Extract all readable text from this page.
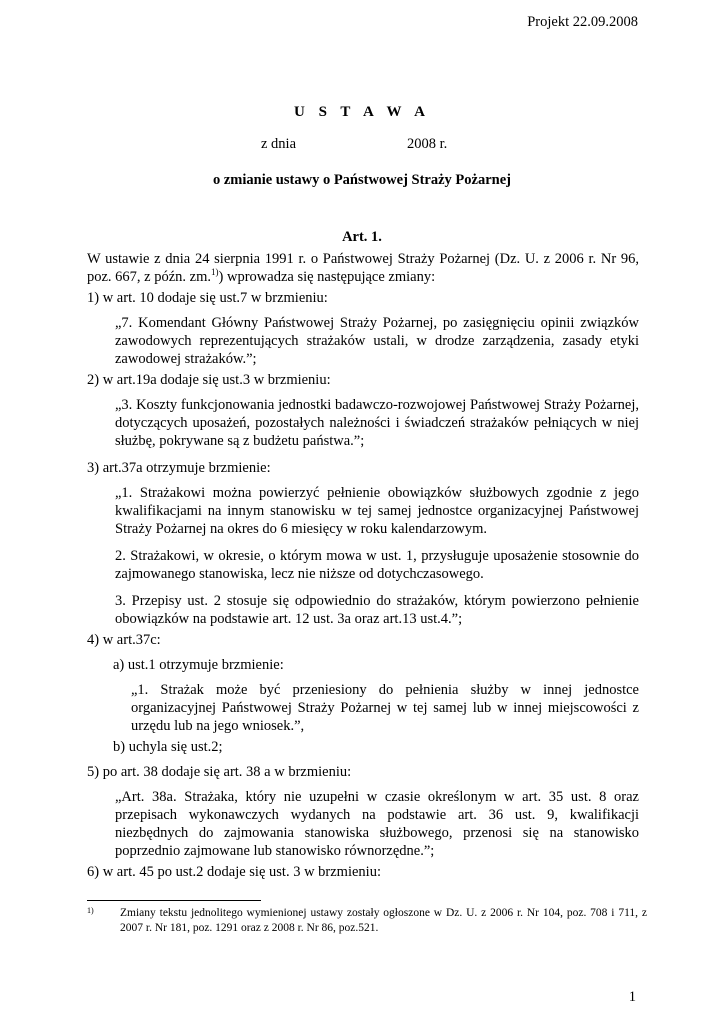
Projekt 22.09.2008
U S T A W A
z dnia	2008 r.
o zmianie ustawy o Państwowej Straży Pożarnej
Art. 1.

W ustawie z dnia 24 sierpnia 1991 r. o Państwowej Straży Pożarnej (Dz. U. z 2006 r. Nr 96, poz. 667, z późn. zm.$^{1)}$) wprowadza się następujące zmiany:

1) w art. 10 dodaje się ust.7 w brzmieniu:

„7. Komendant Główny Państwowej Straży Pożarnej, po zasięgnięciu opinii związków zawodowych reprezentujących strażaków ustali, w drodze zarządzenia, zasady etyki zawodowej strażaków.”;

2) w art.19a dodaje się ust.3 w brzmieniu:

„3. Koszty funkcjonowania jednostki badawczo-rozwojowej Państwowej Straży Pożarnej, dotyczących uposażeń, pozostałych należności i świadczeń strażaków pełniących w niej służbę, pokrywane są z budżetu państwa.”;

3) art.37a otrzymuje brzmienie:

„1. Strażakowi można powierzyć pełnienie obowiązków służbowych zgodnie z jego kwalifikacjami na innym stanowisku w tej samej jednostce organizacyjnej Państwowej Straży Pożarnej na okres do 6 miesięcy w roku kalendarzowym.

2. Strażakowi, w okresie, o którym mowa w ust. 1, przysługuje uposażenie stosownie do zajmowanego stanowiska, lecz nie niższe od dotychczasowego.

3. Przepisy ust. 2 stosuje się odpowiednio do strażaków, którym powierzono pełnienie obowiązków na podstawie art. 12 ust. 3a oraz art.13 ust.4.”;

4) w art.37c:

a) ust.1 otrzymuje brzmienie:

„1. Strażak może być przeniesiony do pełnienia służby w innej jednostce organizacyjnej Państwowej Straży Pożarnej w tej samej lub w innej miejscowości z urzędu lub na jego wniosek.”,

b) uchyla się ust.2;

5) po art. 38 dodaje się art. 38 a w brzmieniu:

„Art. 38a. Strażaka, który nie uzupełni w czasie określonym w art. 35 ust. 8 oraz przepisach wykonawczych wydanych na podstawie art. 36 ust. 9, kwalifikacji niezbędnych do zajmowania stanowiska służbowego, przenosi się na stanowisko poprzednio zajmowane lub stanowisko równorzędne.”;

6) w art. 45 po ust.2 dodaje się ust. 3 w brzmieniu:

1) Zmiany tekstu jednolitego wymienionej ustawy zostały ogłoszone w Dz. U. z 2006 r. Nr 104, poz. 708 i 711, z 2007 r. Nr 181, poz. 1291 oraz z 2008 r. Nr 86, poz.521.
1
